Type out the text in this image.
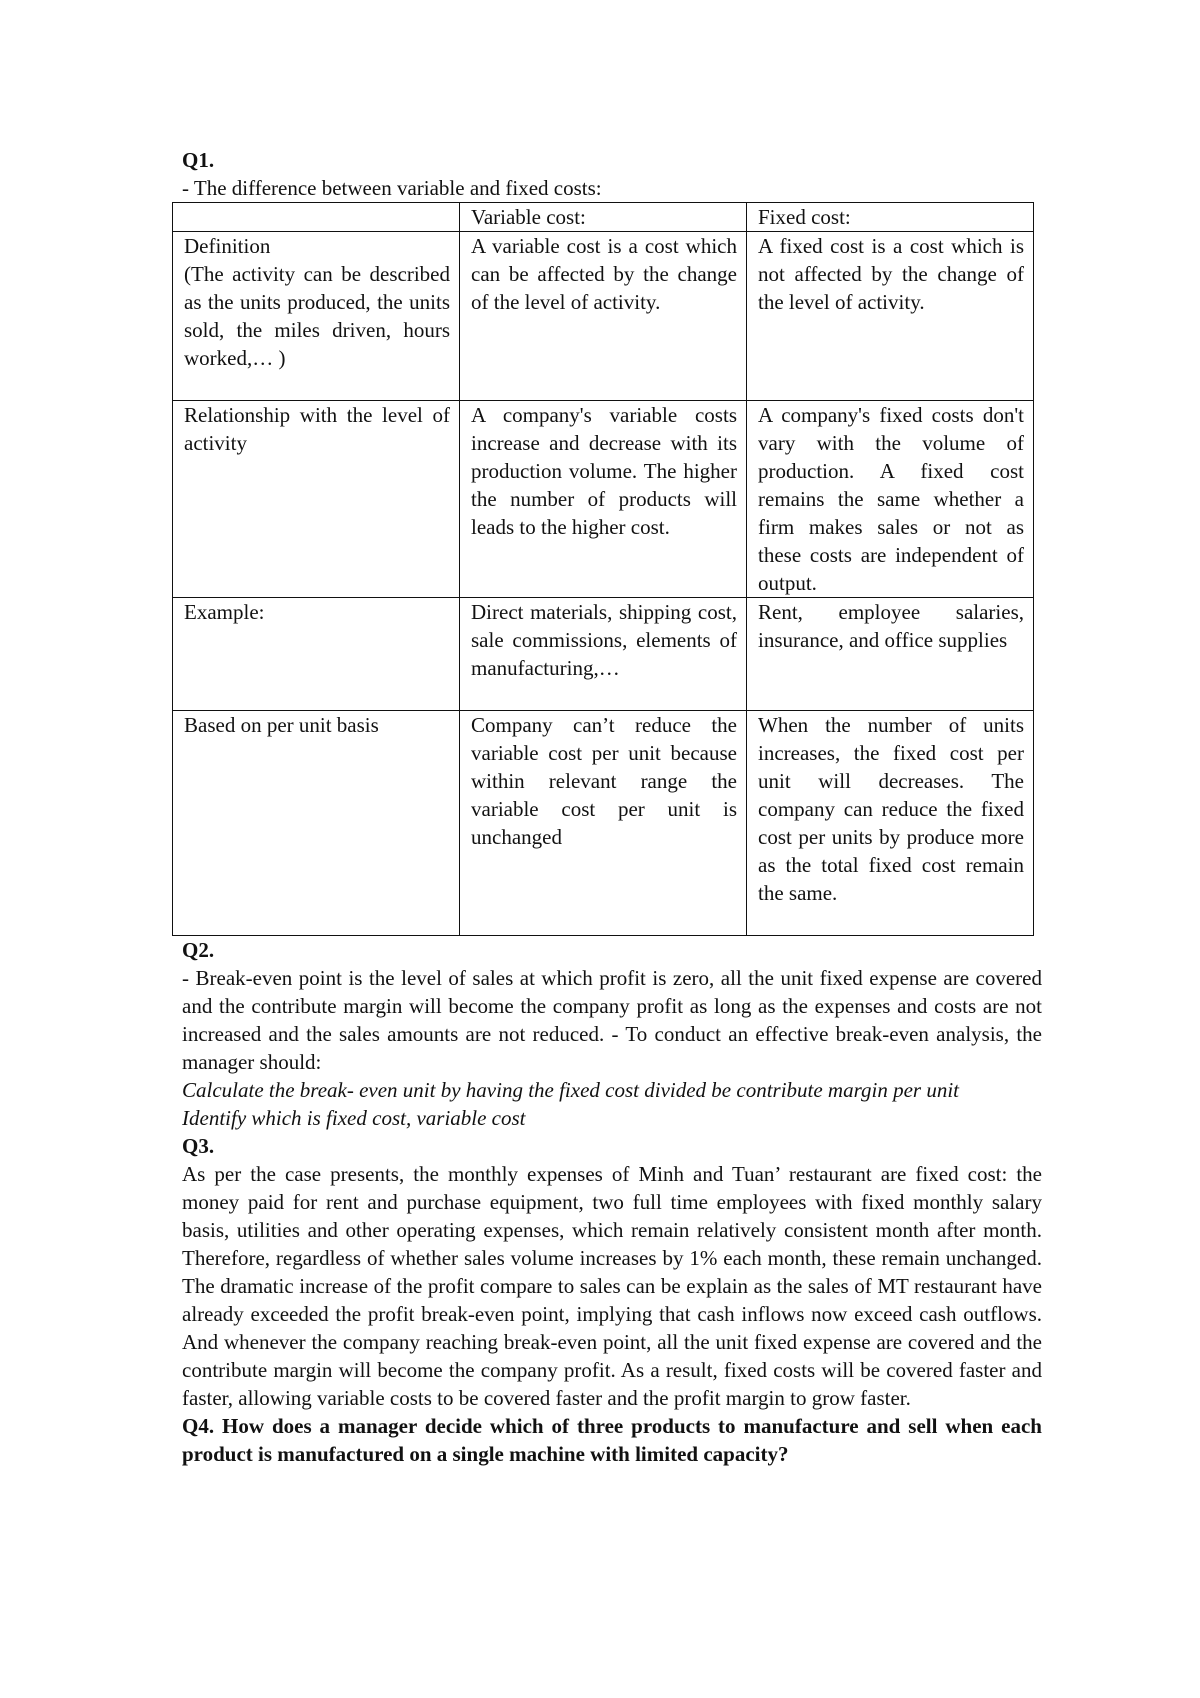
Q1.

- The difference between variable and fixed costs:

	Variable cost:	Fixed cost:

Definition
(The activity can be described as the units produced, the units sold, the miles driven, hours worked,… )	A variable cost is a cost which can be affected by the change of the level of activity.	A fixed cost is a cost which is not affected by the change of the level of activity.

Relationship with the level of activity	A company's variable costs increase and decrease with its production volume. The higher the number of products will leads to the higher cost.	A company's fixed costs don't vary with the volume of production. A fixed cost remains the same whether a firm makes sales or not as these costs are independent of output.

Example:	Direct materials, shipping cost, sale commissions, elements of manufacturing,…	Rent, employee salaries, insurance, and office supplies

Based on per unit basis	Company can’t reduce the variable cost per unit because within relevant range the variable cost per unit is unchanged	When the number of units increases, the fixed cost per unit will decreases. The company can reduce the fixed cost per units by produce more as the total fixed cost remain the same.

Q2.

- Break-even point is the level of sales at which profit is zero, all the unit fixed expense are covered and the contribute margin will become the company profit as long as the expenses and costs are not increased and the sales amounts are not reduced. - To conduct an effective break-even analysis, the manager should:

Calculate the break- even unit by having the fixed cost divided be contribute margin per unit

Identify which is fixed cost, variable cost

Q3.

As per the case presents, the monthly expenses of Minh and Tuan’ restaurant are fixed cost: the money paid for rent and purchase equipment, two full time employees with fixed monthly salary basis, utilities and other operating expenses, which remain relatively consistent month after month. Therefore, regardless of whether sales volume increases by 1% each month, these remain unchanged. The dramatic increase of the profit compare to sales can be explain as the sales of MT restaurant have already exceeded the profit break-even point, implying that cash inflows now exceed cash outflows. And whenever the company reaching break-even point, all the unit fixed expense are covered and the contribute margin will become the company profit. As a result, fixed costs will be covered faster and faster, allowing variable costs to be covered faster and the profit margin to grow faster.

Q4. How does a manager decide which of three products to manufacture and sell when each product is manufactured on a single machine with limited capacity?
